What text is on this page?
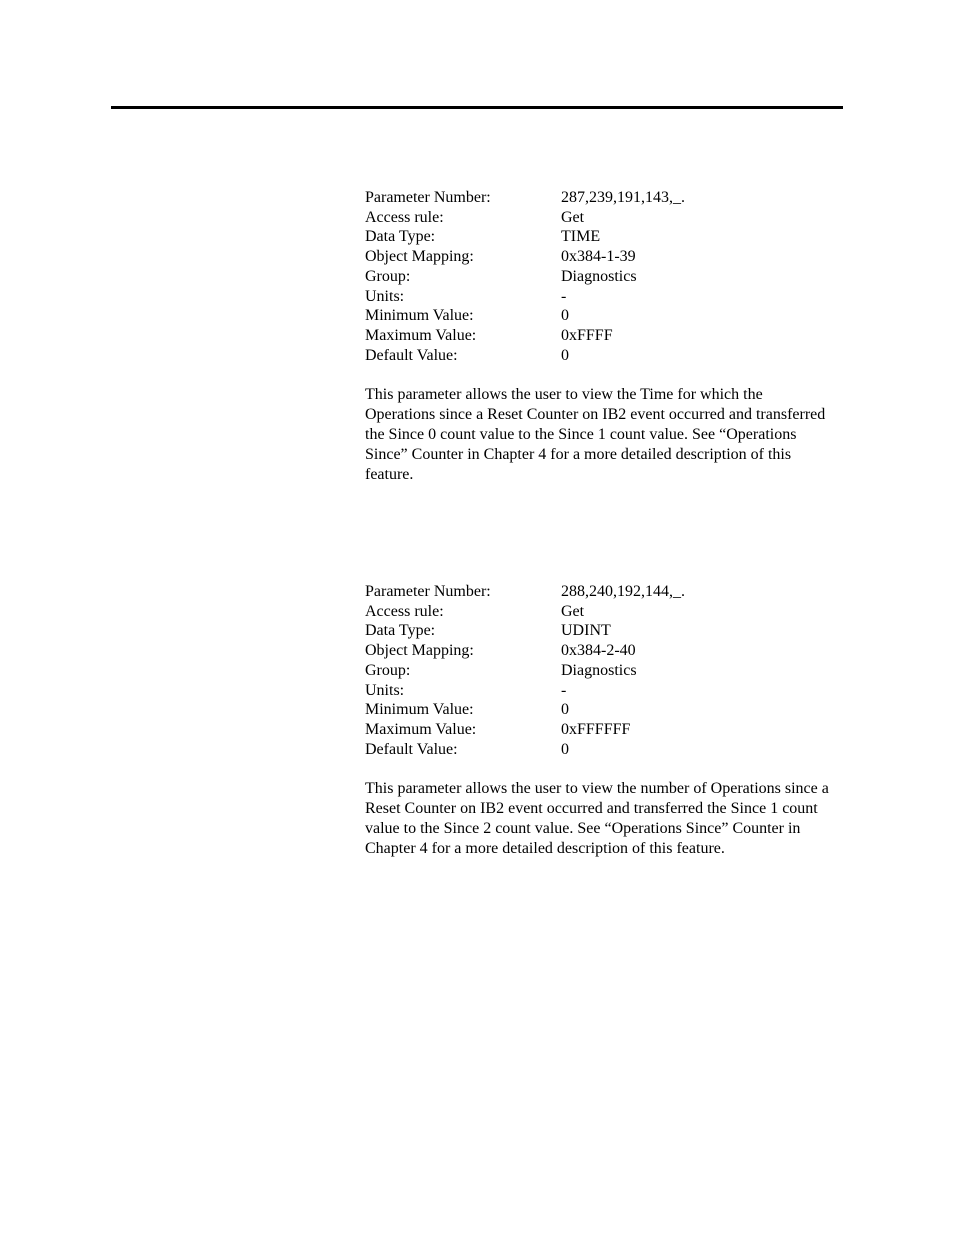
Parameter Number:	287,239,191,143,_.
Access rule:	Get
Data Type:	TIME
Object Mapping:	0x384-1-39
Group:	Diagnostics
Units:	-
Minimum Value:	0
Maximum Value:	0xFFFF
Default Value:	0

This parameter allows the user to view the Time for which the Operations since a Reset Counter on IB2 event occurred and transferred the Since 0 count value to the Since 1 count value. See “Operations Since” Counter in Chapter 4 for a more detailed description of this feature.

Parameter Number:	288,240,192,144,_.
Access rule:	Get
Data Type:	UDINT
Object Mapping:	0x384-2-40
Group:	Diagnostics
Units:	-
Minimum Value:	0
Maximum Value:	0xFFFFFF
Default Value:	0

This parameter allows the user to view the number of Operations since a Reset Counter on IB2 event occurred and transferred the Since 1 count value to the Since 2 count value. See “Operations Since” Counter in Chapter 4 for a more detailed description of this feature.
